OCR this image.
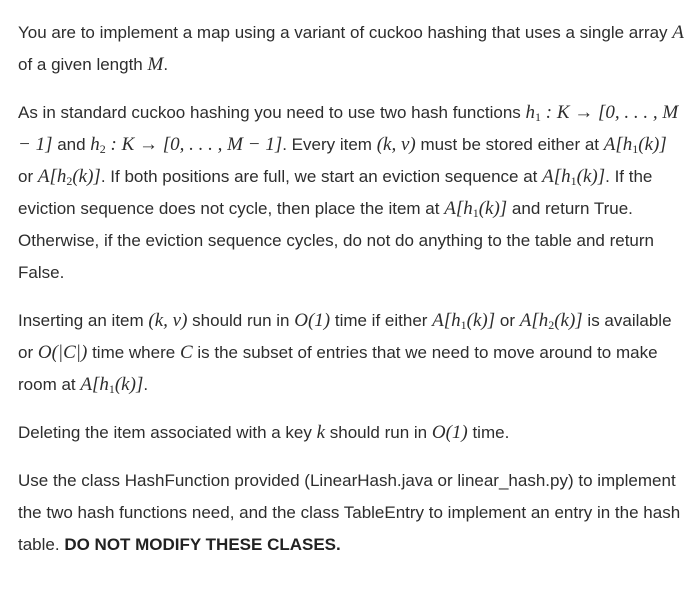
You are to implement a map using a variant of cuckoo hashing that uses a single array A of a given length M.

As in standard cuckoo hashing you need to use two hash functions $h_1$ : K → [0, . . . , M − 1] and $h_2$ : K → [0, . . . , M − 1]. Every item (k, v) must be stored either at $A[h_1(k)]$ or $A[h_2(k)]$. If both positions are full, we start an eviction sequence at $A[h_1(k)]$. If the eviction sequence does not cycle, then place the item at $A[h_1(k)]$ and return True. Otherwise, if the eviction sequence cycles, do not do anything to the table and return False.

Inserting an item (k, v) should run in O(1) time if either $A[h_1(k)]$ or $A[h_2(k)]$ is available or O(|C|) time where C is the subset of entries that we need to move around to make room at $A[h_1(k)]$.

Deleting the item associated with a key k should run in O(1) time.

Use the class HashFunction provided (LinearHash.java or linear_hash.py) to implement the two hash functions need, and the class TableEntry to implement an entry in the hash table. DO NOT MODIFY THESE CLASES.
